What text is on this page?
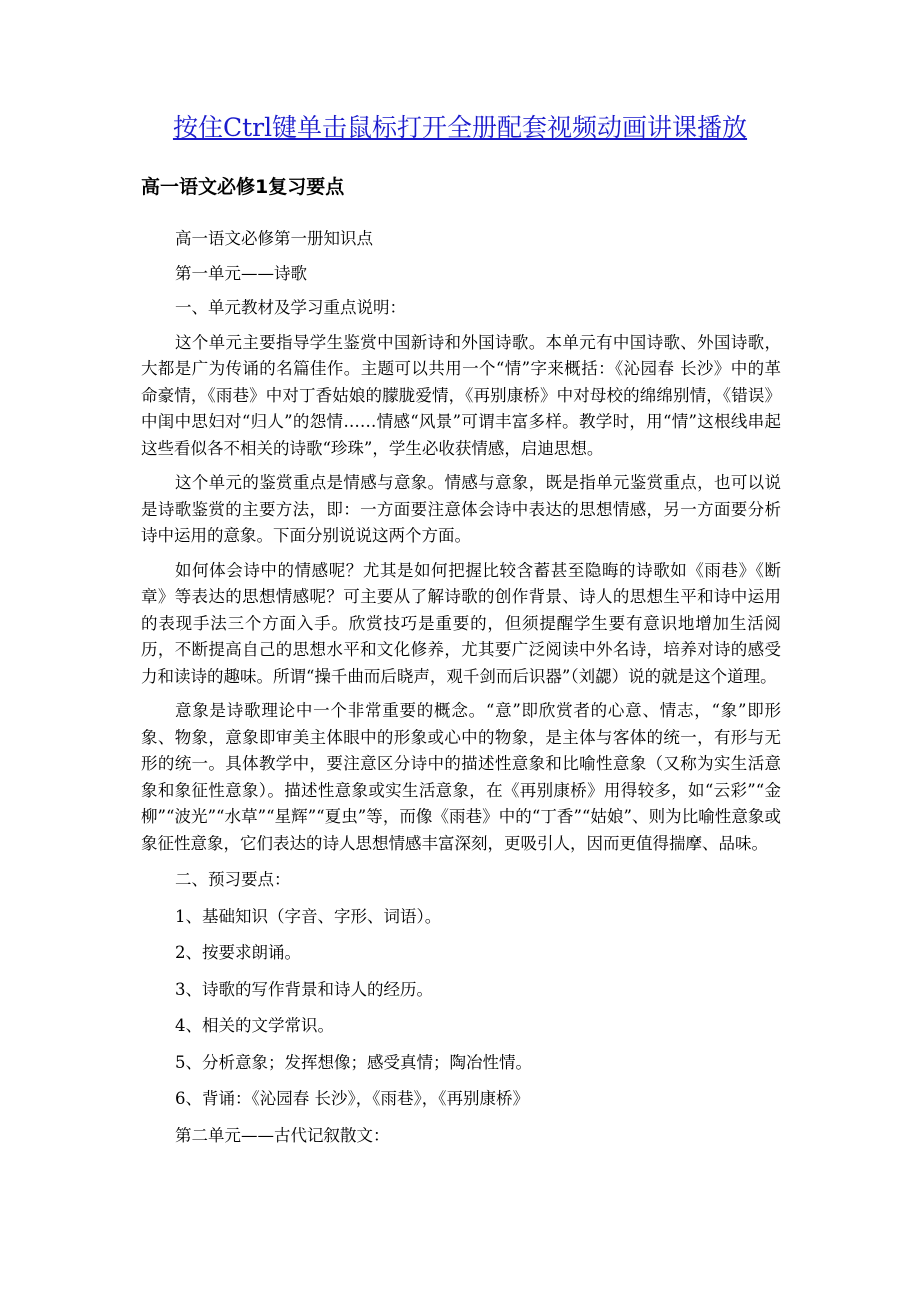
按住Ctrl键单击鼠标打开全册配套视频动画讲课播放
高一语文必修1复习要点

高一语文必修第一册知识点

第一单元——诗歌

一、单元教材及学习重点说明：

这个单元主要指导学生鉴赏中国新诗和外国诗歌。本单元有中国诗歌、外国诗歌，大都是广为传诵的名篇佳作。主题可以共用一个“情”字来概括：《沁园春 长沙》中的革命豪情，《雨巷》中对丁香姑娘的朦胧爱情，《再别康桥》中对母校的绵绵别情，《错误》中闺中思妇对“归人”的怨情……情感“风景”可谓丰富多样。教学时，用“情”这根线串起这些看似各不相关的诗歌“珍珠”，学生必收获情感，启迪思想。

这个单元的鉴赏重点是情感与意象。情感与意象，既是指单元鉴赏重点，也可以说是诗歌鉴赏的主要方法，即：一方面要注意体会诗中表达的思想情感，另一方面要分析诗中运用的意象。下面分别说说这两个方面。

如何体会诗中的情感呢？尤其是如何把握比较含蓄甚至隐晦的诗歌如《雨巷》《断章》等表达的思想情感呢？可主要从了解诗歌的创作背景、诗人的思想生平和诗中运用的表现手法三个方面入手。欣赏技巧是重要的，但须提醒学生要有意识地增加生活阅历，不断提高自己的思想水平和文化修养，尤其要广泛阅读中外名诗，培养对诗的感受力和读诗的趣味。所谓“操千曲而后晓声，观千剑而后识器”（刘勰）说的就是这个道理。

意象是诗歌理论中一个非常重要的概念。“意”即欣赏者的心意、情志，“象”即形象、物象，意象即审美主体眼中的形象或心中的物象，是主体与客体的统一，有形与无形的统一。具体教学中，要注意区分诗中的描述性意象和比喻性意象（又称为实生活意象和象征性意象）。描述性意象或实生活意象，在《再别康桥》用得较多，如“云彩”“金柳”“波光”“水草”“星辉”“夏虫”等，而像《雨巷》中的“丁香”“姑娘”、则为比喻性意象或象征性意象，它们表达的诗人思想情感丰富深刻，更吸引人，因而更值得揣摩、品味。

二、预习要点：

1、基础知识（字音、字形、词语）。

2、按要求朗诵。

3、诗歌的写作背景和诗人的经历。

4、相关的文学常识。

5、分析意象；发挥想像；感受真情；陶冶性情。

6、背诵：《沁园春 长沙》，《雨巷》，《再别康桥》

第二单元——古代记叙散文：
